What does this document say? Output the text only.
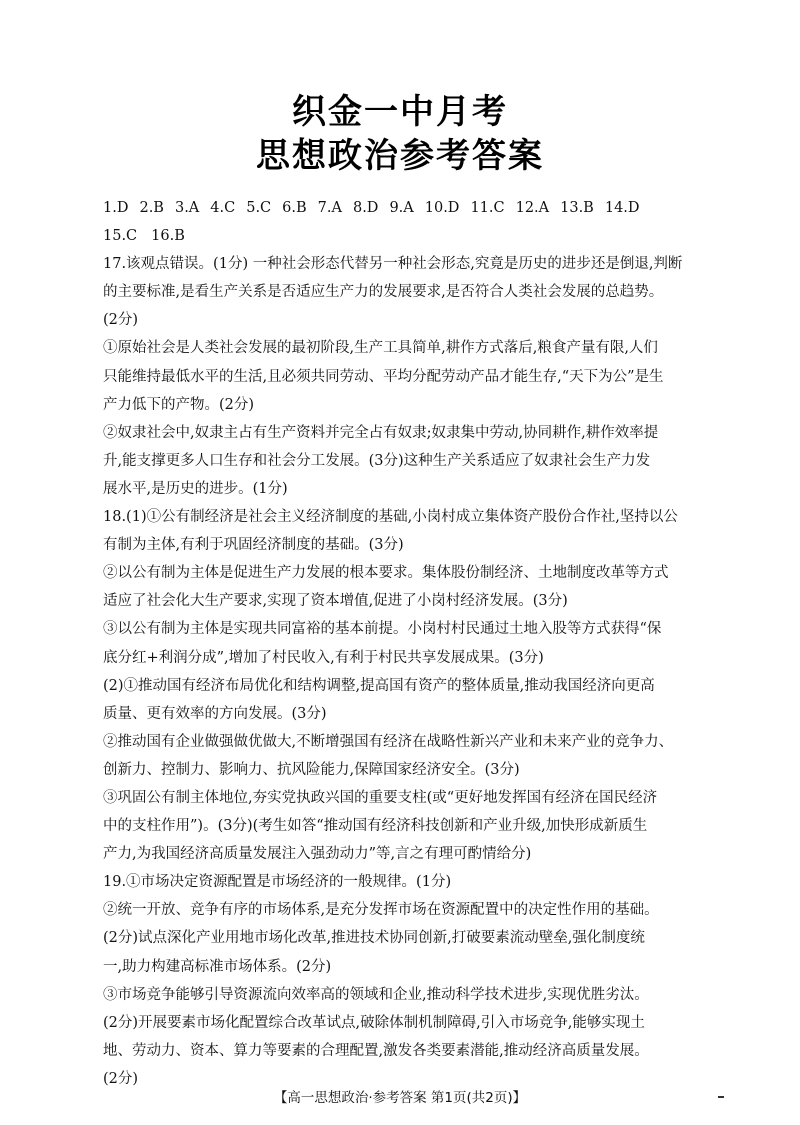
织金一中月考
思想政治参考答案
1.D 2.B 3.A 4.C 5.C 6.B 7.A 8.D 9.A 10.D 11.C 12.A 13.B 14.D
15.C 16.B
17.该观点错误。(1分) 一种社会形态代替另一种社会形态,究竟是历史的进步还是倒退,判断
的主要标准,是看生产关系是否适应生产力的发展要求,是否符合人类社会发展的总趋势。
(2分)
①原始社会是人类社会发展的最初阶段,生产工具简单,耕作方式落后,粮食产量有限,人们
只能维持最低水平的生活,且必须共同劳动、平均分配劳动产品才能生存,“天下为公”是生
产力低下的产物。(2分)
②奴隶社会中,奴隶主占有生产资料并完全占有奴隶;奴隶集中劳动,协同耕作,耕作效率提
升,能支撑更多人口生存和社会分工发展。(3分)这种生产关系适应了奴隶社会生产力发
展水平,是历史的进步。(1分)
18.(1)①公有制经济是社会主义经济制度的基础,小岗村成立集体资产股份合作社,坚持以公
有制为主体,有利于巩固经济制度的基础。(3分)
②以公有制为主体是促进生产力发展的根本要求。集体股份制经济、土地制度改革等方式
适应了社会化大生产要求,实现了资本增值,促进了小岗村经济发展。(3分)
③以公有制为主体是实现共同富裕的基本前提。小岗村村民通过土地入股等方式获得“保
底分红+利润分成”,增加了村民收入,有利于村民共享发展成果。(3分)
(2)①推动国有经济布局优化和结构调整,提高国有资产的整体质量,推动我国经济向更高
质量、更有效率的方向发展。(3分)
②推动国有企业做强做优做大,不断增强国有经济在战略性新兴产业和未来产业的竞争力、
创新力、控制力、影响力、抗风险能力,保障国家经济安全。(3分)
③巩固公有制主体地位,夯实党执政兴国的重要支柱(或“更好地发挥国有经济在国民经济
中的支柱作用”)。(3分)(考生如答“推动国有经济科技创新和产业升级,加快形成新质生
产力,为我国经济高质量发展注入强劲动力”等,言之有理可酌情给分)
19.①市场决定资源配置是市场经济的一般规律。(1分)
②统一开放、竞争有序的市场体系,是充分发挥市场在资源配置中的决定性作用的基础。
(2分)试点深化产业用地市场化改革,推进技术协同创新,打破要素流动壁垒,强化制度统
一,助力构建高标准市场体系。(2分)
③市场竞争能够引导资源流向效率高的领域和企业,推动科学技术进步,实现优胜劣汰。
(2分)开展要素市场化配置综合改革试点,破除体制机制障碍,引入市场竞争,能够实现土
地、劳动力、资本、算力等要素的合理配置,激发各类要素潜能,推动经济高质量发展。
(2分)
【高一思想政治·参考答案 第1页(共2页)】
